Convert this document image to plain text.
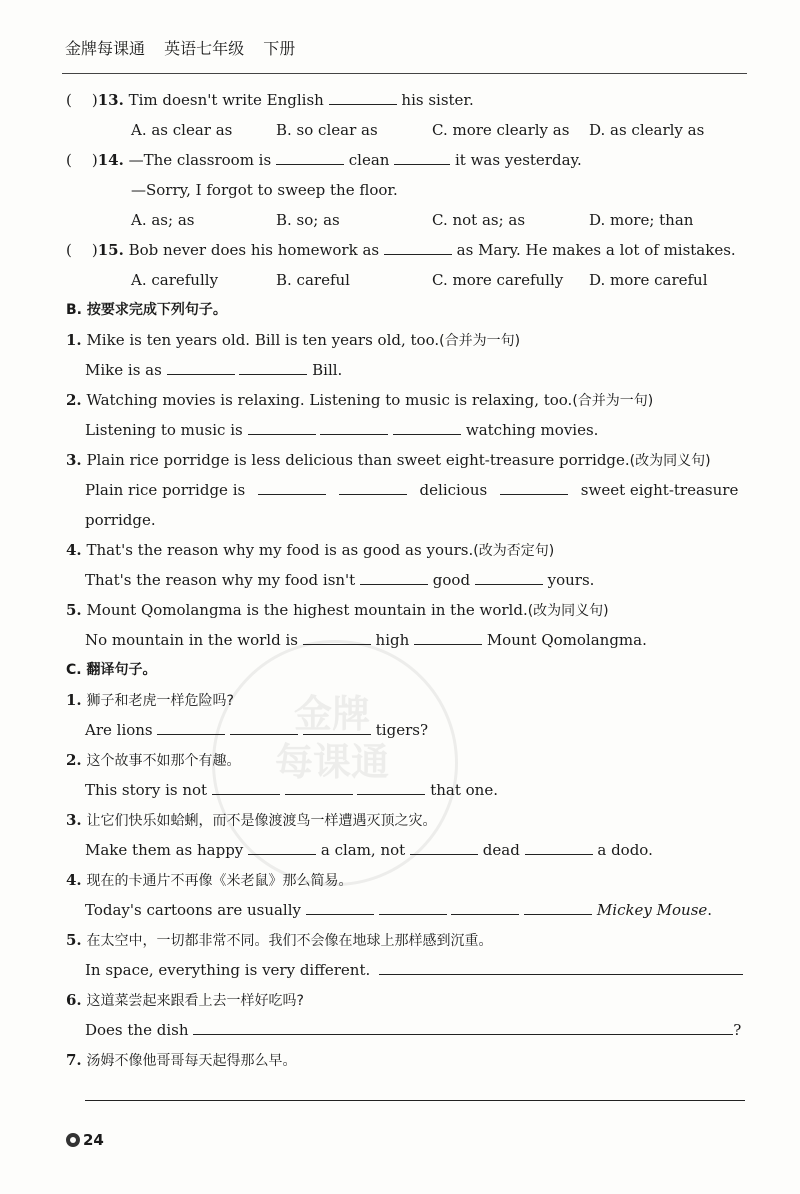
金牌每课通 英语七年级 下册
金牌
每课通
( )13. Tim doesn't write English	his sister.
A. as clear as	B. so clear as	C. more clearly as D. as clearly as
( )14. —The classroom is	clean	it was yesterday.
—Sorry, I forgot to sweep the floor.
A. as; as	B. so; as	C. not as; as	D. more; than
( )15. Bob never does his homework as	as Mary. He makes a lot of mistakes.
A. carefully	B. careful	C. more carefully D. more careful
B. 按要求完成下列句子。
1. Mike is ten years old. Bill is ten years old, too.(合并为一句)
Mike is as	Bill.
2. Watching movies is relaxing. Listening to music is relaxing, too.(合并为一句)
Listening to music is	watching movies.
3. Plain rice porridge is less delicious than sweet eight-treasure porridge.(改为同义句)
Plain rice porridge is	delicious	sweet eight-treasure
porridge.
4. That's the reason why my food is as good as yours.(改为否定句)
That's the reason why my food isn't	good	yours.
5. Mount Qomolangma is the highest mountain in the world.(改为同义句)
No mountain in the world is	high	Mount Qomolangma.
C. 翻译句子。
1. 狮子和老虎一样危险吗?
Are lions	tigers?
2. 这个故事不如那个有趣。
This story is not	that one.
3. 让它们快乐如蛤蜊，而不是像渡渡鸟一样遭遇灭顶之灾。
Make them as happy	a clam, not	dead	a dodo.
4. 现在的卡通片不再像《米老鼠》那么简易。
Today's cartoons are usually	Mickey Mouse.
5. 在太空中，一切都非常不同。我们不会像在地球上那样感到沉重。
In space, everything is very different.
6. 这道菜尝起来跟看上去一样好吃吗?
Does the dish	?
7. 汤姆不像他哥哥每天起得那么早。
24
